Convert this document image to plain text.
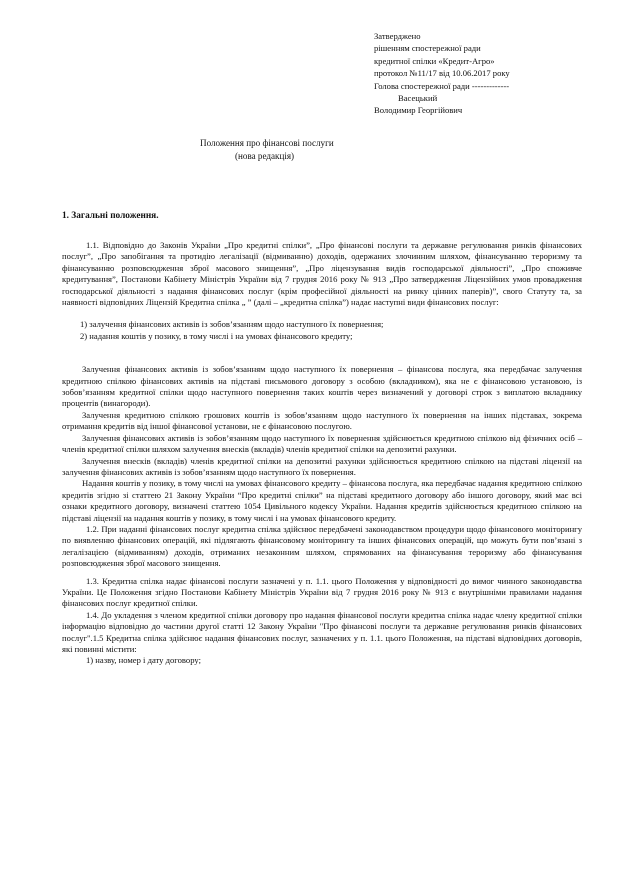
Затверджено
рішенням спостережної ради
кредитної спілки «Кредит-Агро»
протокол №11/17 від 10.06.2017 року
Голова спостережної ради -------------
Васецький
Володимир Георгійович
Положення про фінансові послуги
(нова редакція)
1. Загальні положення.

1.1. Відповідно до Законів України „Про кредитні спілки”, „Про фінансові послуги та державне регулювання ринків фінансових послуг”, „Про запобігання та протидію легалізації (відмиванню) доходів, одержаних злочинним шляхом, фінансуванню тероризму та фінансуванню розповсюдження зброї масового знищення”, „Про ліцензування видів господарської діяльності”, „Про споживче кредитування”, Постанови Кабінету Міністрів України від 7 грудня 2016 року № 913 „Про затвердження Ліцензійних умов провадження господарської діяльності з надання фінансових послуг (крім професійної діяльності на ринку цінних паперів)”, свого Статуту та, за наявності відповідних Ліцензій Кредитна спілка „ ” (далі – „кредитна спілка”) надає наступні види фінансових послуг:

1) залучення фінансових активів із зобов’язанням щодо наступного їх повернення;

2) надання коштів у позику, в тому числі і на умовах фінансового кредиту;

Залучення фінансових активів із зобов’язанням щодо наступного їх повернення – фінансова послуга, яка передбачає залучення кредитною спілкою фінансових активів на підставі письмового договору з особою (вкладником), яка не є фінансовою установою, із зобов’язанням кредитної спілки щодо наступного повернення таких коштів через визначений у договорі строк з виплатою вкладнику процентів (винагороди).

Залучення кредитною спілкою грошових коштів із зобов’язанням щодо наступного їх повернення на інших підставах, зокрема отримання кредитів від іншої фінансової установи, не є фінансовою послугою.

Залучення фінансових активів із зобов’язанням щодо наступного їх повернення здійснюється кредитною спілкою від фізичних осіб – членів кредитної спілки шляхом залучення внесків (вкладів) членів кредитної спілки на депозитні рахунки.

Залучення внесків (вкладів) членів кредитної спілки на депозитні рахунки здійснюється кредитною спілкою на підставі ліцензії на залучення фінансових активів із зобов’язанням щодо наступного їх повернення.

Надання коштів у позику, в тому числі на умовах фінансового кредиту – фінансова послуга, яка передбачає надання кредитною спілкою кредитів згідно зі статтею 21 Закону України “Про кредитні спілки” на підставі кредитного договору або іншого договору, який має всі ознаки кредитного договору, визначені статтею 1054 Цивільного кодексу України. Надання кредитів здійснюється кредитною спілкою на підставі ліцензії на надання коштів у позику, в тому числі і на умовах фінансового кредиту.

1.2. При наданні фінансових послуг кредитна спілка здійснює передбачені законодавством процедури щодо фінансового моніторингу по виявленню фінансових операцій, які підлягають фінансовому моніторингу та інших фінансових операцій, що можуть бути пов’язані з легалізацією (відмиванням) доходів, отриманих незаконним шляхом, спрямованих на фінансування тероризму або фінансування розповсюдження зброї масового знищення.

1.3. Кредитна спілка надає фінансові послуги зазначені у п. 1.1. цього Положення у відповідності до вимог чинного законодавства України. Це Положення згідно Постанови Кабінету Міністрів України від 7 грудня 2016 року № 913 є внутрішніми правилами надання фінансових послуг кредитної спілки.

1.4. До укладення з членом кредитної спілки договору про надання фінансової послуги кредитна спілка надає члену кредитної спілки інформацію відповідно до частини другої статті 12 Закону України "Про фінансові послуги та державне регулювання ринків фінансових послуг".1.5 Кредитна спілка здійснює надання фінансових послуг, зазначених у п. 1.1. цього Положення, на підставі відповідних договорів, які повинні містити:

1) назву, номер і дату договору;
